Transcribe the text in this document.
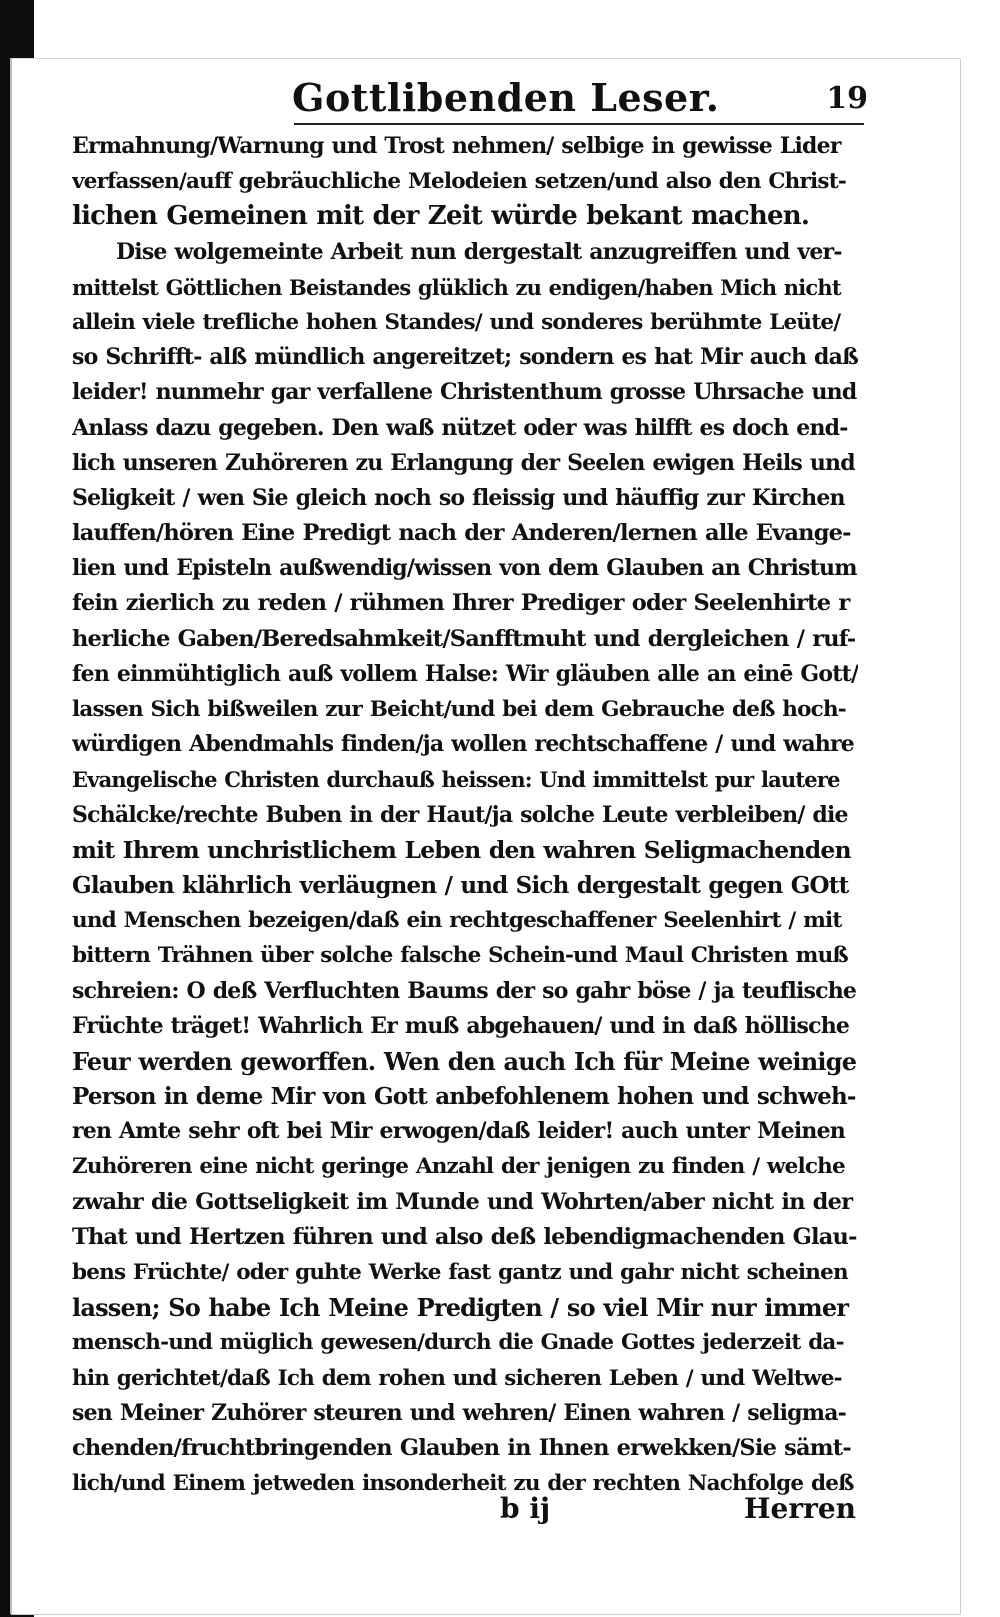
Gottlibenden Leser.	19
Ermahnung/Warnung und Trost nehmen/ selbige in gewisse Lider
verfassen/auff gebräuchliche Melodeien setzen/und also den Christ-
lichen Gemeinen mit der Zeit würde bekant machen.
Dise wolgemeinte Arbeit nun dergestalt anzugreiffen und ver-
mittelst Göttlichen Beistandes glüklich zu endigen/haben Mich nicht
allein viele trefliche hohen Standes/ und sonderes berühmte Leüte/
so Schrifft- alß mündlich angereitzet; sondern es hat Mir auch daß
leider! nunmehr gar verfallene Christenthum grosse Uhrsache und
Anlass dazu gegeben. Den waß nützet oder was hilfft es doch end-
lich unseren Zuhöreren zu Erlangung der Seelen ewigen Heils und
Seligkeit / wen Sie gleich noch so fleissig und häuffig zur Kirchen
lauffen/hören Eine Predigt nach der Anderen/lernen alle Evange-
lien und Episteln außwendig/wissen von dem Glauben an Christum
fein zierlich zu reden / rühmen Ihrer Prediger oder Seelenhirte r
herliche Gaben/Beredsahmkeit/Sanfftmuht und dergleichen / ruf-
fen einmühtiglich auß vollem Halse: Wir gläuben alle an einē Gott/
lassen Sich bißweilen zur Beicht/und bei dem Gebrauche deß hoch-
würdigen Abendmahls finden/ja wollen rechtschaffene / und wahre
Evangelische Christen durchauß heissen: Und immittelst pur lautere
Schälcke/rechte Buben in der Haut/ja solche Leute verbleiben/ die
mit Ihrem unchristlichem Leben den wahren Seligmachenden
Glauben klährlich verläugnen / und Sich dergestalt gegen GOtt
und Menschen bezeigen/daß ein rechtgeschaffener Seelenhirt / mit
bittern Trähnen über solche falsche Schein-und Maul Christen muß
schreien: O deß Verfluchten Baums der so gahr böse / ja teuflische
Früchte träget! Wahrlich Er muß abgehauen/ und in daß höllische
Feur werden geworffen. Wen den auch Ich für Meine weinige
Person in deme Mir von Gott anbefohlenem hohen und schweh-
ren Amte sehr oft bei Mir erwogen/daß leider! auch unter Meinen
Zuhöreren eine nicht geringe Anzahl der jenigen zu finden / welche
zwahr die Gottseligkeit im Munde und Wohrten/aber nicht in der
That und Hertzen führen und also deß lebendigmachenden Glau-
bens Früchte/ oder guhte Werke fast gantz und gahr nicht scheinen
lassen; So habe Ich Meine Predigten / so viel Mir nur immer
mensch-und müglich gewesen/durch die Gnade Gottes jederzeit da-
hin gerichtet/daß Ich dem rohen und sicheren Leben / und Weltwe-
sen Meiner Zuhörer steuren und wehren/ Einen wahren / seligma-
chenden/fruchtbringenden Glauben in Ihnen erwekken/Sie sämt-
lich/und Einem jetweden insonderheit zu der rechten Nachfolge deß
b ij	Herren
